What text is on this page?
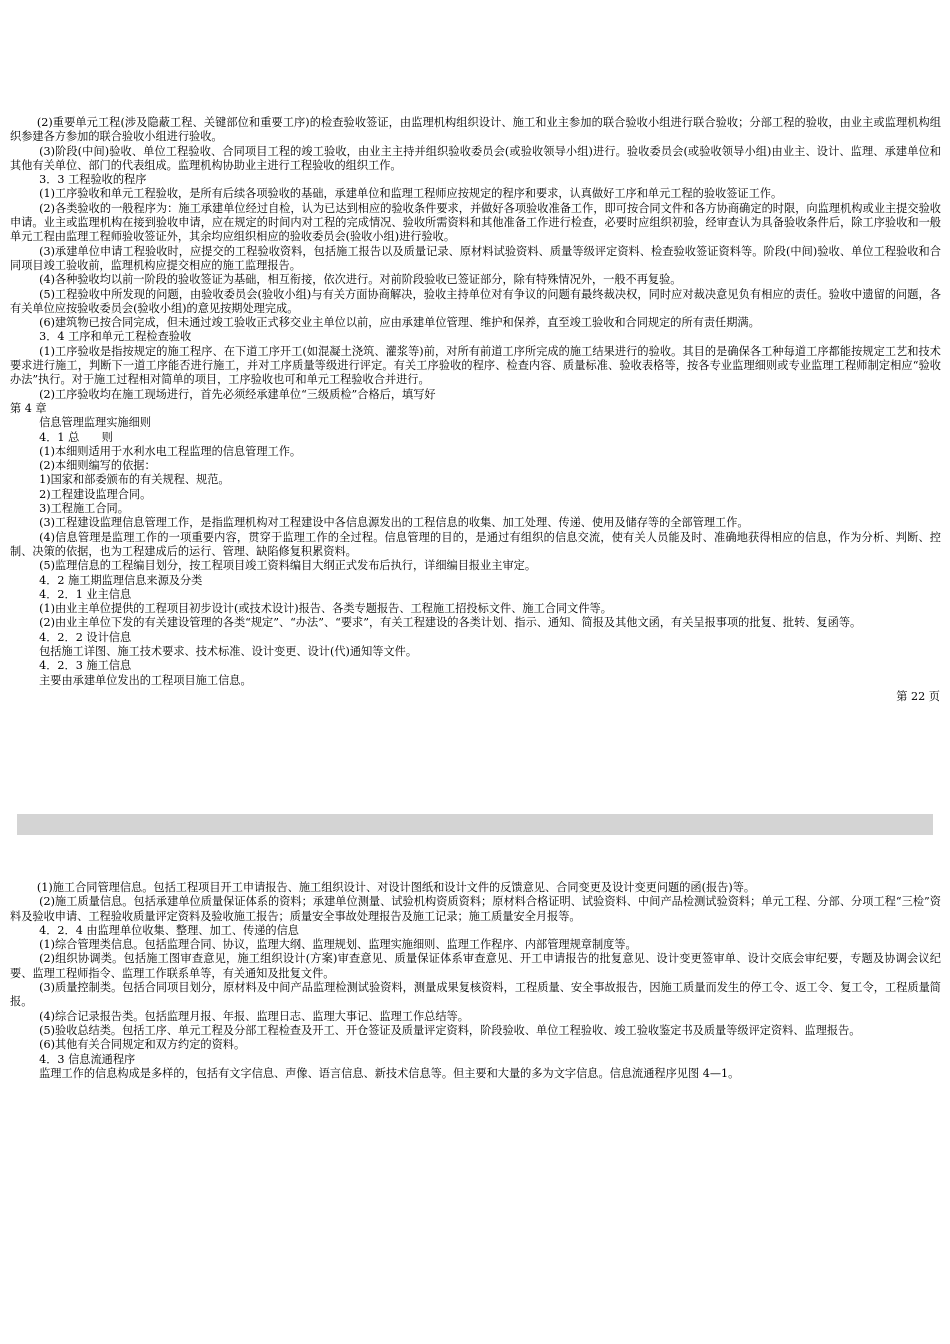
(2)重要单元工程(涉及隐蔽工程、关键部位和重要工序)的检查验收签证，由监理机构组织设计、施工和业主参加的联合验收小组进行联合验收；分部工程的验收，由业主或监理机构组织参建各方参加的联合验收小组进行验收。

(3)阶段(中间)验收、单位工程验收、合同项目工程的竣工验收，由业主主持并组织验收委员会(或验收领导小组)进行。验收委员会(或验收领导小组)由业主、设计、监理、承建单位和其他有关单位、部门的代表组成。监理机构协助业主进行工程验收的组织工作。

3．3 工程验收的程序

(1)工序验收和单元工程验收，是所有后续各项验收的基础，承建单位和监理工程师应按规定的程序和要求，认真做好工序和单元工程的验收签证工作。

(2)各类验收的一般程序为：施工承建单位经过自检，认为已达到相应的验收条件要求，并做好各项验收准备工作，即可按合同文件和各方协商确定的时限，向监理机构或业主提交验收申请。业主或监理机构在接到验收申请，应在规定的时间内对工程的完成情况、验收所需资料和其他准备工作进行检查，必要时应组织初验，经审查认为具备验收条件后，除工序验收和一般单元工程由监理工程师验收签证外，其余均应组织相应的验收委员会(验收小组)进行验收。

(3)承建单位申请工程验收时，应提交的工程验收资料，包括施工报告以及质量记录、原材料试验资料、质量等级评定资料、检查验收签证资料等。阶段(中间)验收、单位工程验收和合同项目竣工验收前，监理机构应提交相应的施工监理报告。

(4)各种验收均以前一阶段的验收签证为基础，相互衔接，依次进行。对前阶段验收已签证部分，除有特殊情况外，一般不再复验。

(5)工程验收中所发现的问题，由验收委员会(验收小组)与有关方面协商解决，验收主持单位对有争议的问题有最终裁决权，同时应对裁决意见负有相应的责任。验收中遗留的问题，各有关单位应按验收委员会(验收小组)的意见按期处理完成。

(6)建筑物已按合同完成，但未通过竣工验收正式移交业主单位以前，应由承建单位管理、维护和保养，直至竣工验收和合同规定的所有责任期满。

3．4 工序和单元工程检查验收

(1)工序验收是指按规定的施工程序、在下道工序开工(如混凝土浇筑、灌浆等)前，对所有前道工序所完成的施工结果进行的验收。其目的是确保各工种每道工序都能按规定工艺和技术要求进行施工，判断下一道工序能否进行施工，并对工序质量等级进行评定。有关工序验收的程序、检查内容、质量标准、验收表格等，按各专业监理细则或专业监理工程师制定相应“验收办法”执行。对于施工过程相对简单的项目，工序验收也可和单元工程验收合并进行。

(2)工序验收均在施工现场进行，首先必须经承建单位“三级质检”合格后，填写好

第 4 章

信息管理监理实施细则

4．1 总　　则

(1)本细则适用于水利水电工程监理的信息管理工作。

(2)本细则编写的依据：

1)国家和部委颁布的有关规程、规范。

2)工程建设监理合同。

3)工程施工合同。

(3)工程建设监理信息管理工作，是指监理机构对工程建设中各信息源发出的工程信息的收集、加工处理、传递、使用及储存等的全部管理工作。

(4)信息管理是监理工作的一项重要内容，贯穿于监理工作的全过程。信息管理的目的，是通过有组织的信息交流，使有关人员能及时、准确地获得相应的信息，作为分析、判断、控制、决策的依据，也为工程建成后的运行、管理、缺陷修复积累资料。

(5)监理信息的工程编目划分，按工程项目竣工资料编目大纲正式发布后执行，详细编目报业主审定。

4．2 施工期监理信息来源及分类

4．2．1 业主信息

(1)由业主单位提供的工程项目初步设计(或技术设计)报告、各类专题报告、工程施工招投标文件、施工合同文件等。

(2)由业主单位下发的有关建设管理的各类“规定”、“办法”、“要求”，有关工程建设的各类计划、指示、通知、简报及其他文函，有关呈报事项的批复、批转、复函等。

4．2．2 设计信息

包括施工详图、施工技术要求、技术标准、设计变更、设计(代)通知等文件。

4．2．3 施工信息

主要由承建单位发出的工程项目施工信息。

第 22 页

(1)施工合同管理信息。包括工程项目开工申请报告、施工组织设计、对设计图纸和设计文件的反馈意见、合同变更及设计变更问题的函(报告)等。

(2)施工质量信息。包括承建单位质量保证体系的资料；承建单位测量、试验机构资质资料；原材料合格证明、试验资料、中间产品检测试验资料；单元工程、分部、分项工程“三检”资料及验收申请、工程验收质量评定资料及验收施工报告；质量安全事故处理报告及施工记录；施工质量安全月报等。

4．2．4 由监理单位收集、整理、加工、传递的信息

(1)综合管理类信息。包括监理合同、协议，监理大纲、监理规划、监理实施细则、监理工作程序、内部管理规章制度等。

(2)组织协调类。包括施工图审查意见，施工组织设计(方案)审查意见、质量保证体系审查意见、开工申请报告的批复意见、设计变更签审单、设计交底会审纪要，专题及协调会议纪要、监理工程师指令、监理工作联系单等，有关通知及批复文件。

(3)质量控制类。包括合同项目划分，原材料及中间产品监理检测试验资料，测量成果复核资料，工程质量、安全事故报告，因施工质量而发生的停工令、返工令、复工令，工程质量简报。

(4)综合记录报告类。包括监理月报、年报、监理日志、监理大事记、监理工作总结等。

(5)验收总结类。包括工序、单元工程及分部工程检查及开工、开仓签证及质量评定资料，阶段验收、单位工程验收、竣工验收鉴定书及质量等级评定资料、监理报告。

(6)其他有关合同规定和双方约定的资料。

4．3 信息流通程序

监理工作的信息构成是多样的，包括有文字信息、声像、语言信息、新技术信息等。但主要和大量的多为文字信息。信息流通程序见图 4—1。
